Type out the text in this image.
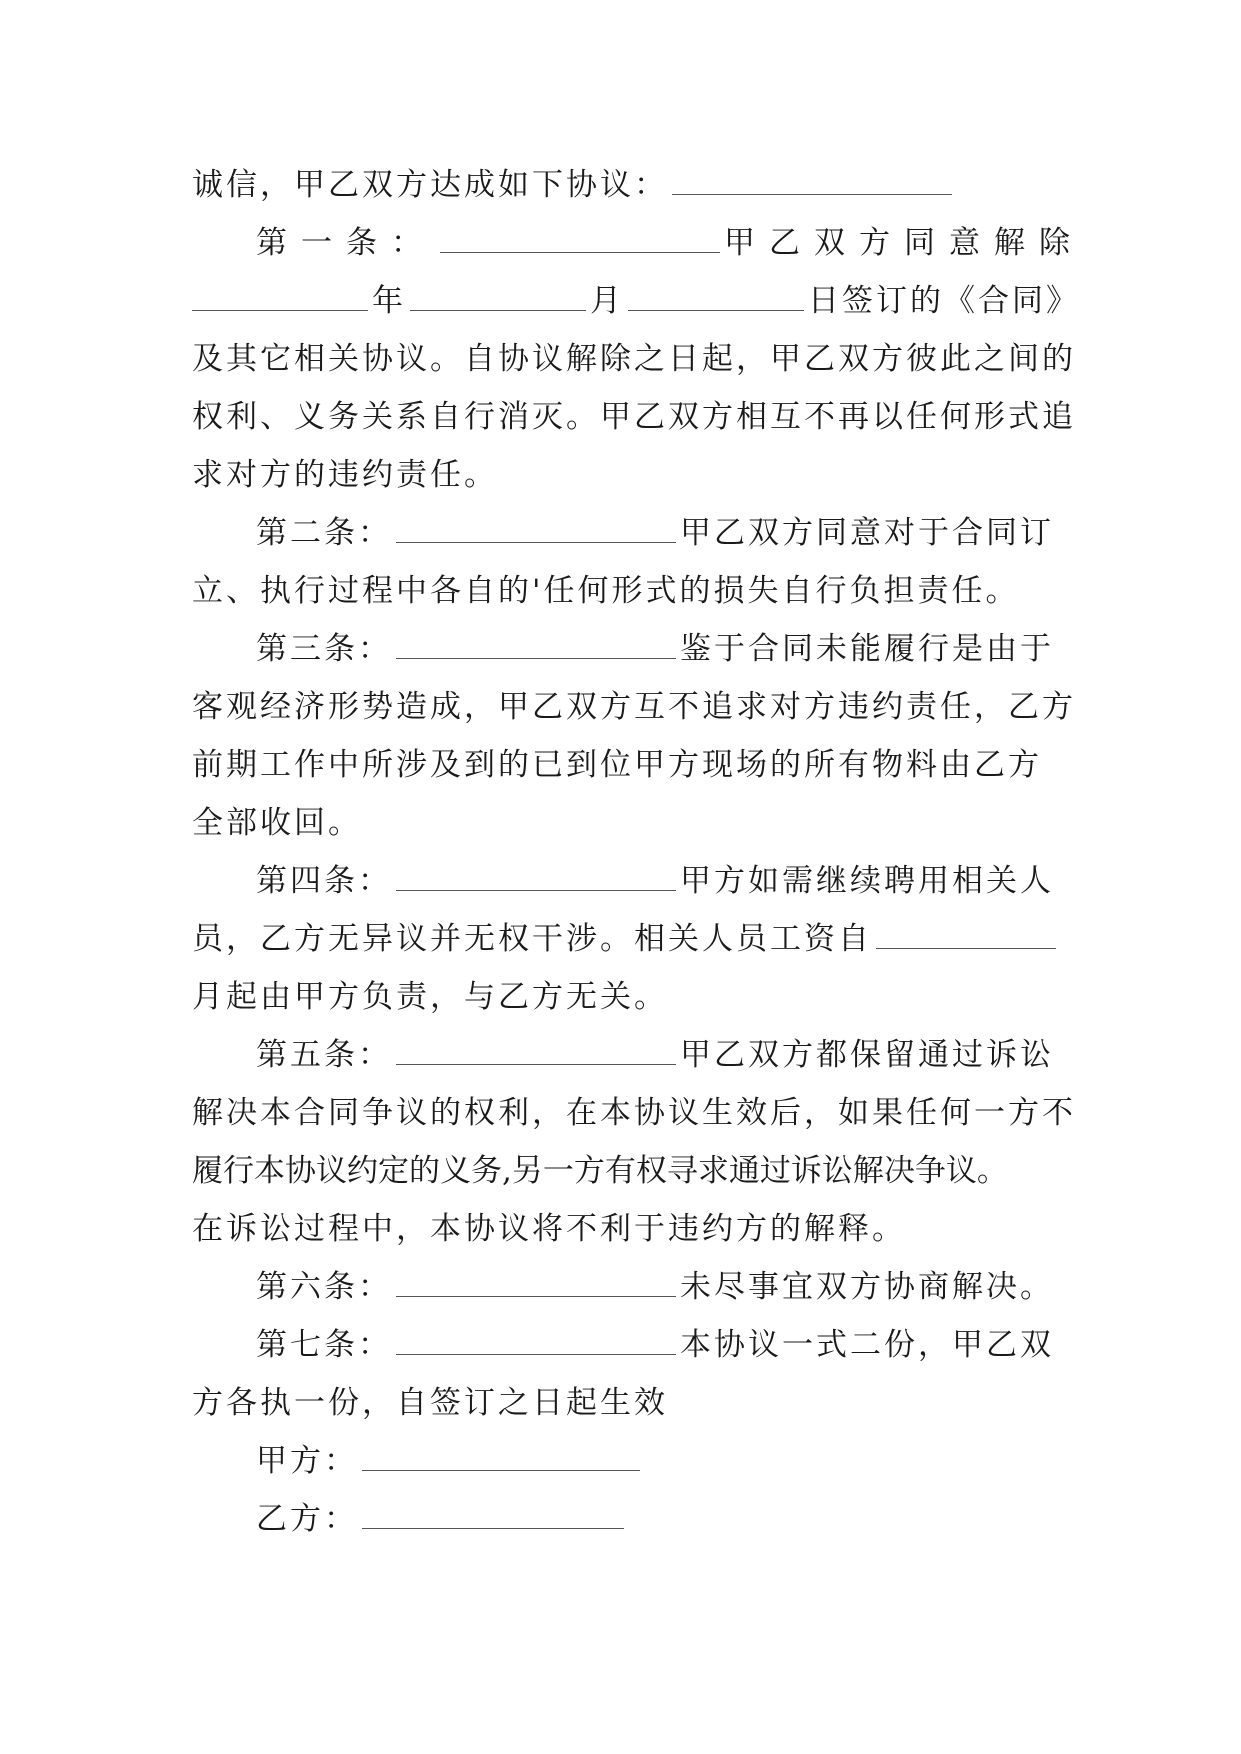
诚信，甲乙双方达成如下协议：
第一条：	甲乙双方同意解除
年	月	日签订的《合同》
及其它相关协议。自协议解除之日起，甲乙双方彼此之间的
权利、义务关系自行消灭。甲乙双方相互不再以任何形式追
求对方的违约责任。
第二条：	甲乙双方同意对于合同订
立、执行过程中各自的'任何形式的损失自行负担责任。
第三条：	鉴于合同未能履行是由于
客观经济形势造成，甲乙双方互不追求对方违约责任，乙方
前期工作中所涉及到的已到位甲方现场的所有物料由乙方
全部收回。
第四条：	甲方如需继续聘用相关人
员，乙方无异议并无权干涉。相关人员工资自
月起由甲方负责，与乙方无关。
第五条：	甲乙双方都保留通过诉讼
解决本合同争议的权利，在本协议生效后，如果任何一方不
履行本协议约定的义务,另一方有权寻求通过诉讼解决争议。
在诉讼过程中，本协议将不利于违约方的解释。
第六条：	未尽事宜双方协商解决。
第七条：	本协议一式二份，甲乙双
方各执一份，自签订之日起生效
甲方：
乙方：
